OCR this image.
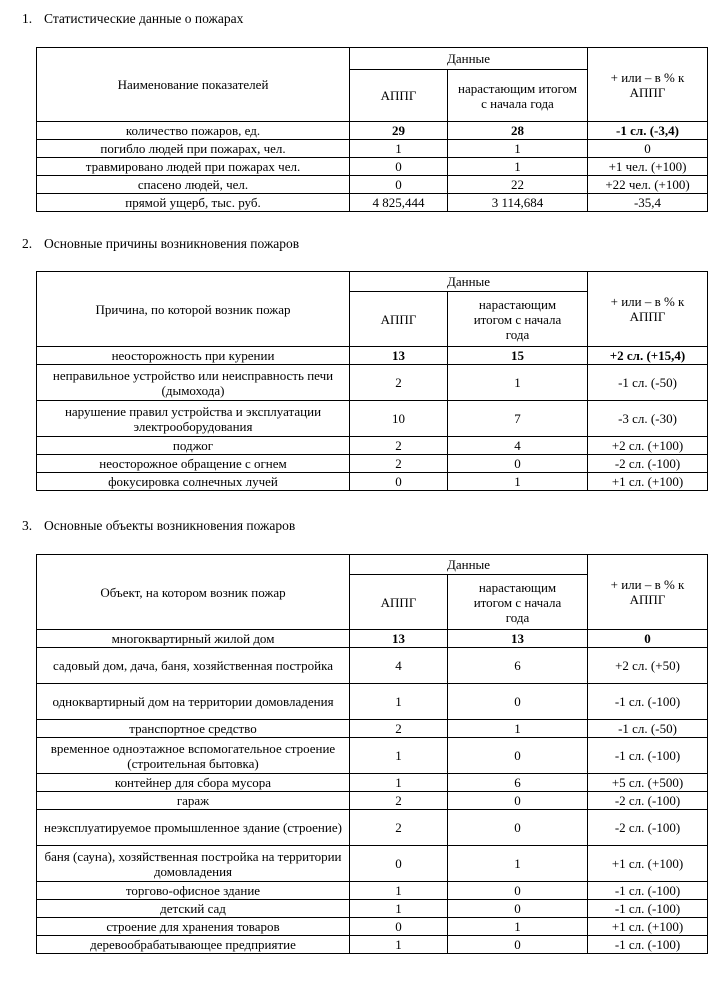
1. Статистические данные о пожарах
Наименование показателей	Данные		+ или – в % к АППГ
	АППГ	нарастающим итогом с начала года	
количество пожаров, ед.	29	28	-1 сл. (-3,4)
погибло людей при пожарах, чел.	1	1	0
травмировано людей при пожарах чел.	0	1	+1 чел. (+100)
спасено людей, чел.	0	22	+22 чел. (+100)
прямой ущерб, тыс. руб.	4 825,444	3 114,684	-35,4
2. Основные причины возникновения пожаров
Причина, по которой возник пожар	Данные		+ или – в % к АППГ
	АППГ	нарастающим итогом с начала года	
неосторожность при курении	13	15	+2 сл. (+15,4)
неправильное устройство или неисправность печи (дымохода)	2	1	-1 сл. (-50)
нарушение правил устройства и эксплуатации электрооборудования	10	7	-3 сл. (-30)
поджог	2	4	+2 сл. (+100)
неосторожное обращение с огнем	2	0	-2 сл. (-100)
фокусировка солнечных лучей	0	1	+1 сл. (+100)
3. Основные объекты возникновения пожаров
Объект, на котором возник пожар	Данные		+ или – в % к АППГ
	АППГ	нарастающим итогом с начала года	
многоквартирный жилой дом	13	13	0
садовый дом, дача, баня, хозяйственная постройка	4	6	+2 сл. (+50)
одноквартирный дом на территории домовладения	1	0	-1 сл. (-100)
транспортное средство	2	1	-1 сл. (-50)
временное одноэтажное вспомогательное строение (строительная бытовка)	1	0	-1 сл. (-100)
контейнер для сбора мусора	1	6	+5 сл. (+500)
гараж	2	0	-2 сл. (-100)
неэксплуатируемое промышленное здание (строение)	2	0	-2 сл. (-100)
баня (сауна), хозяйственная постройка на территории домовладения	0	1	+1 сл. (+100)
торгово-офисное здание	1	0	-1 сл. (-100)
детский сад	1	0	-1 сл. (-100)
строение для хранения товаров	0	1	+1 сл. (+100)
деревообрабатывающее предприятие	1	0	-1 сл. (-100)
